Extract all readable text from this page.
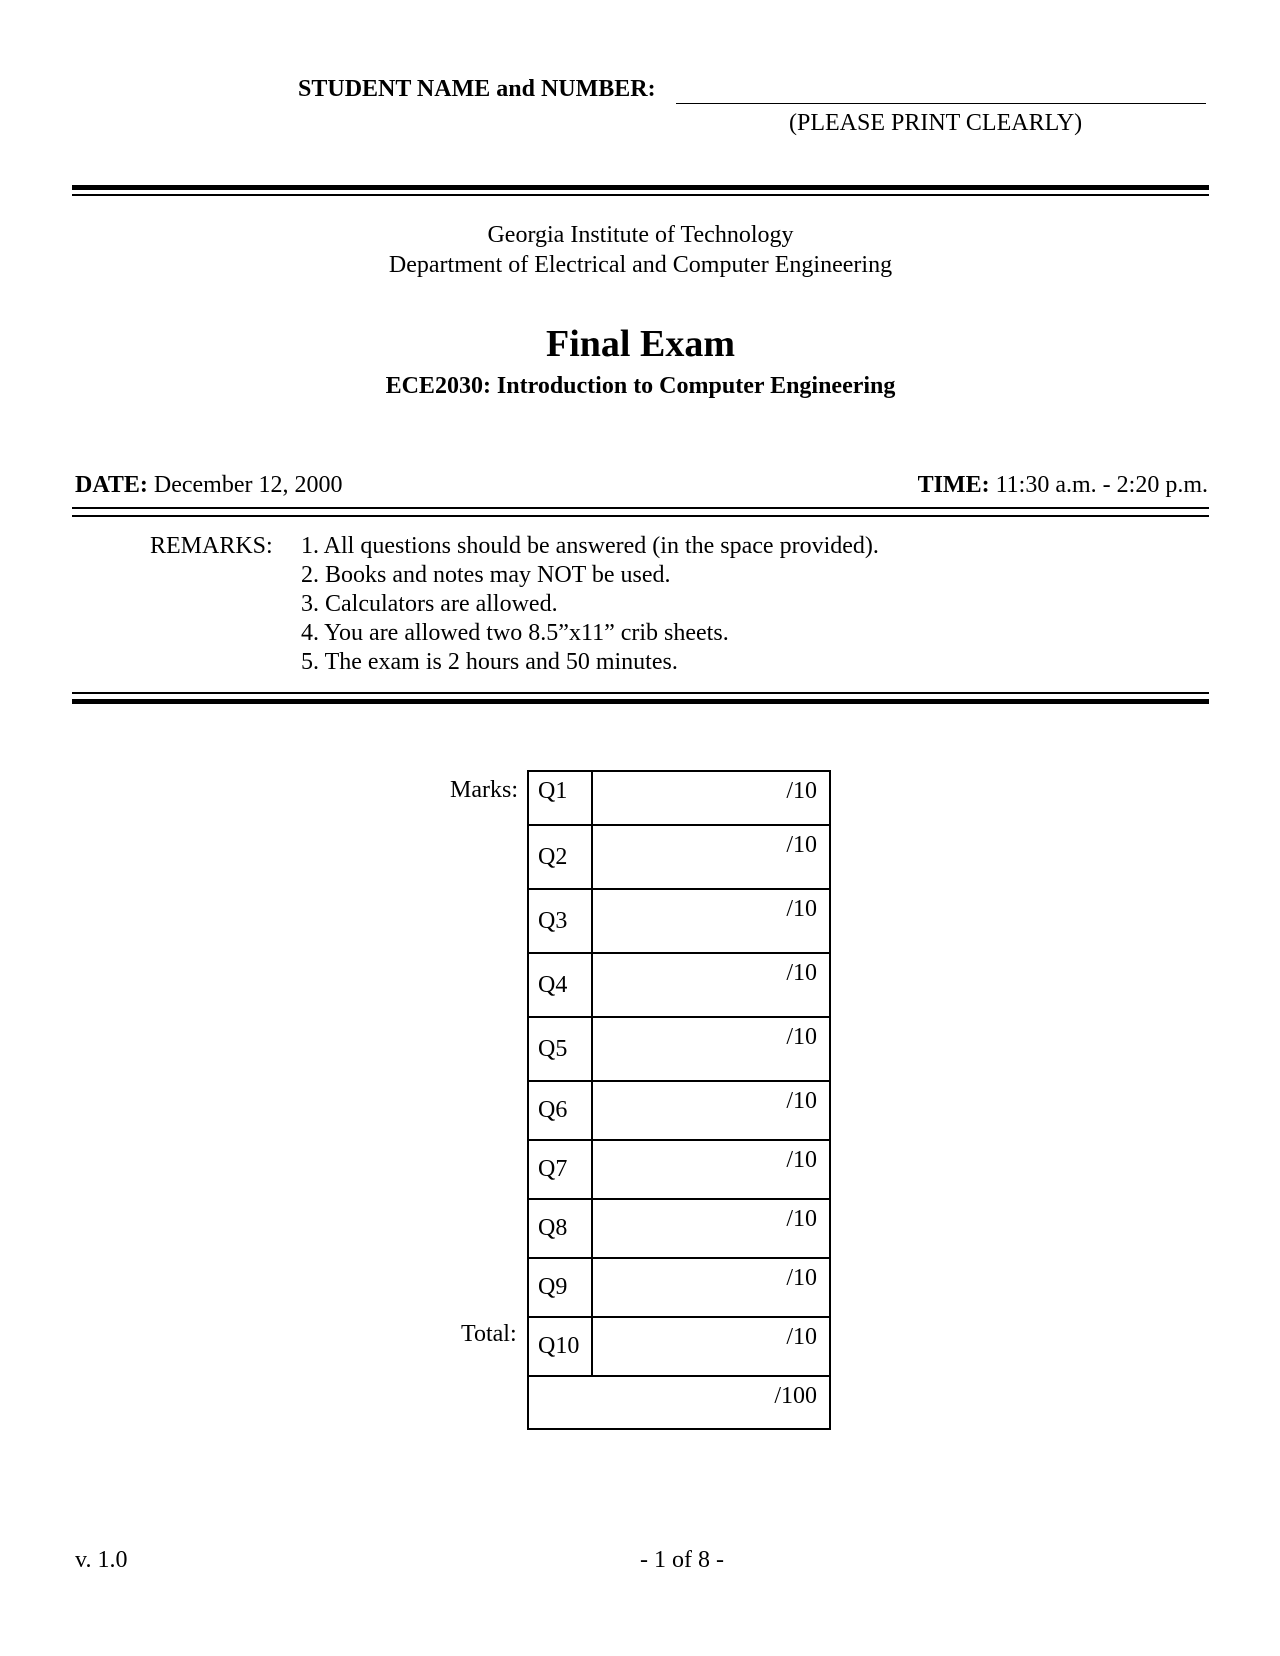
STUDENT NAME and NUMBER:
(PLEASE PRINT CLEARLY)
Georgia Institute of Technology
Department of Electrical and Computer Engineering
Final Exam
ECE2030: Introduction to Computer Engineering
DATE: December 12, 2000	TIME: 11:30 a.m. - 2:20 p.m.
REMARKS: 1. All questions should be answered (in the space provided).
2. Books and notes may NOT be used.
3. Calculators are allowed.
4. You are allowed two 8.5”x11” crib sheets.
5. The exam is 2 hours and 50 minutes.
Marks: Q1	/10
Q2	/10
Q3	/10
Q4	/10
Q5	/10
Q6	/10
Q7	/10
Q8	/10
Q9	/10
Q10	/10
/100	
Total:
v. 1.0	- 1 of 8 -
